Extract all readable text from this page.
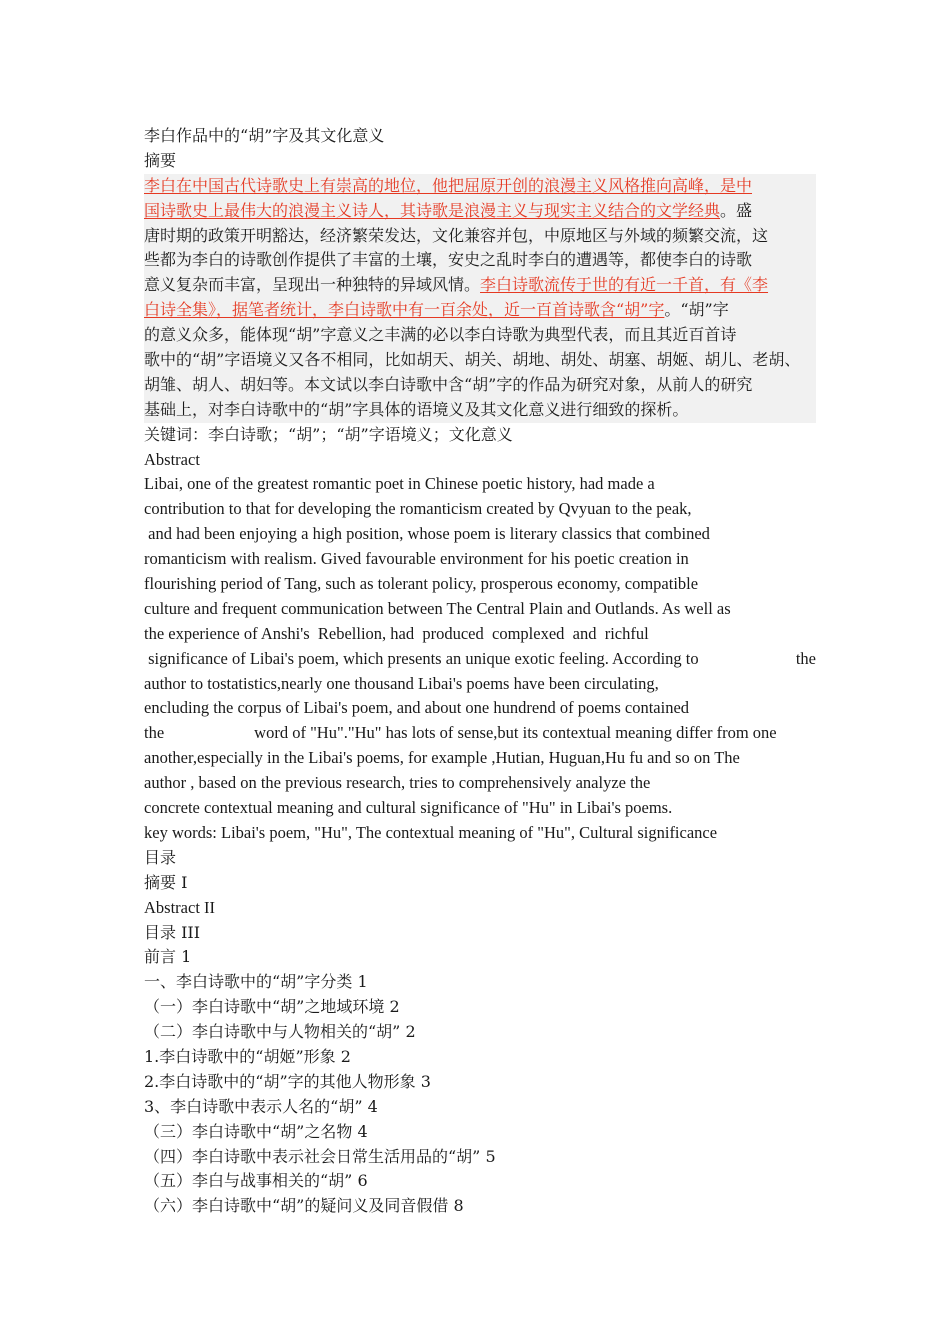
李白作品中的“胡”字及其文化意义
摘要
李白在中国古代诗歌史上有崇高的地位，他把屈原开创的浪漫主义风格推向高峰，是中
国诗歌史上最伟大的浪漫主义诗人，其诗歌是浪漫主义与现实主义结合的文学经典。盛
唐时期的政策开明豁达，经济繁荣发达，文化兼容并包，中原地区与外域的频繁交流，这
些都为李白的诗歌创作提供了丰富的土壤，安史之乱时李白的遭遇等，都使李白的诗歌
意义复杂而丰富，呈现出一种独特的异域风情。李白诗歌流传于世的有近一千首，有《李
白诗全集》，据笔者统计，李白诗歌中有一百余处，近一百首诗歌含“胡”字。“胡”字
的意义众多，能体现“胡”字意义之丰满的必以李白诗歌为典型代表，而且其近百首诗
歌中的“胡”字语境义又各不相同，比如胡天、胡关、胡地、胡处、胡塞、胡姬、胡儿、老胡、
胡雏、胡人、胡妇等。本文试以李白诗歌中含“胡”字的作品为研究对象，从前人的研究
基础上，对李白诗歌中的“胡”字具体的语境义及其文化意义进行细致的探析。
关键词：李白诗歌；“胡”；“胡”字语境义；文化意义
Abstract
Libai, one of the greatest romantic poet in Chinese poetic history, had made a
contribution to that for developing the romanticism created by Qvyuan to the peak,
and had been enjoying a high position, whose poem is literary classics that combined
romanticism with realism. Gived favourable environment for his poetic creation in
flourishing period of Tang, such as tolerant policy, prosperous economy, compatible
culture and frequent communication between The Central Plain and Outlands. As well as
the experience of Anshi's  Rebellion, had  produced  complexed  and  richful
significance of Libai's poem, which presents an unique exotic feeling. According to	the
author to tostatistics,nearly one thousand Libai's poems have been circulating,
encluding the corpus of Libai's poem, and about one hundrend of poems contained
the	word of "Hu"."Hu" has lots of sense,but its contextual meaning differ from one
another,especially in the Libai's poems, for example ,Hutian, Huguan,Hu fu and so on The
author , based on the previous research, tries to comprehensively analyze the
concrete contextual meaning and cultural significance of "Hu" in Libai's poems.
key words: Libai's poem, "Hu", The contextual meaning of "Hu", Cultural significance
目录
摘要 I
Abstract II
目录 III
前言 1
一、李白诗歌中的“胡”字分类 1
（一）李白诗歌中“胡”之地域环境 2
（二）李白诗歌中与人物相关的“胡” 2
1.李白诗歌中的“胡姬”形象 2
2.李白诗歌中的“胡”字的其他人物形象 3
3、李白诗歌中表示人名的“胡” 4
（三）李白诗歌中“胡”之名物 4
（四）李白诗歌中表示社会日常生活用品的“胡” 5
（五）李白与战事相关的“胡” 6
（六）李白诗歌中“胡”的疑问义及同音假借 8
